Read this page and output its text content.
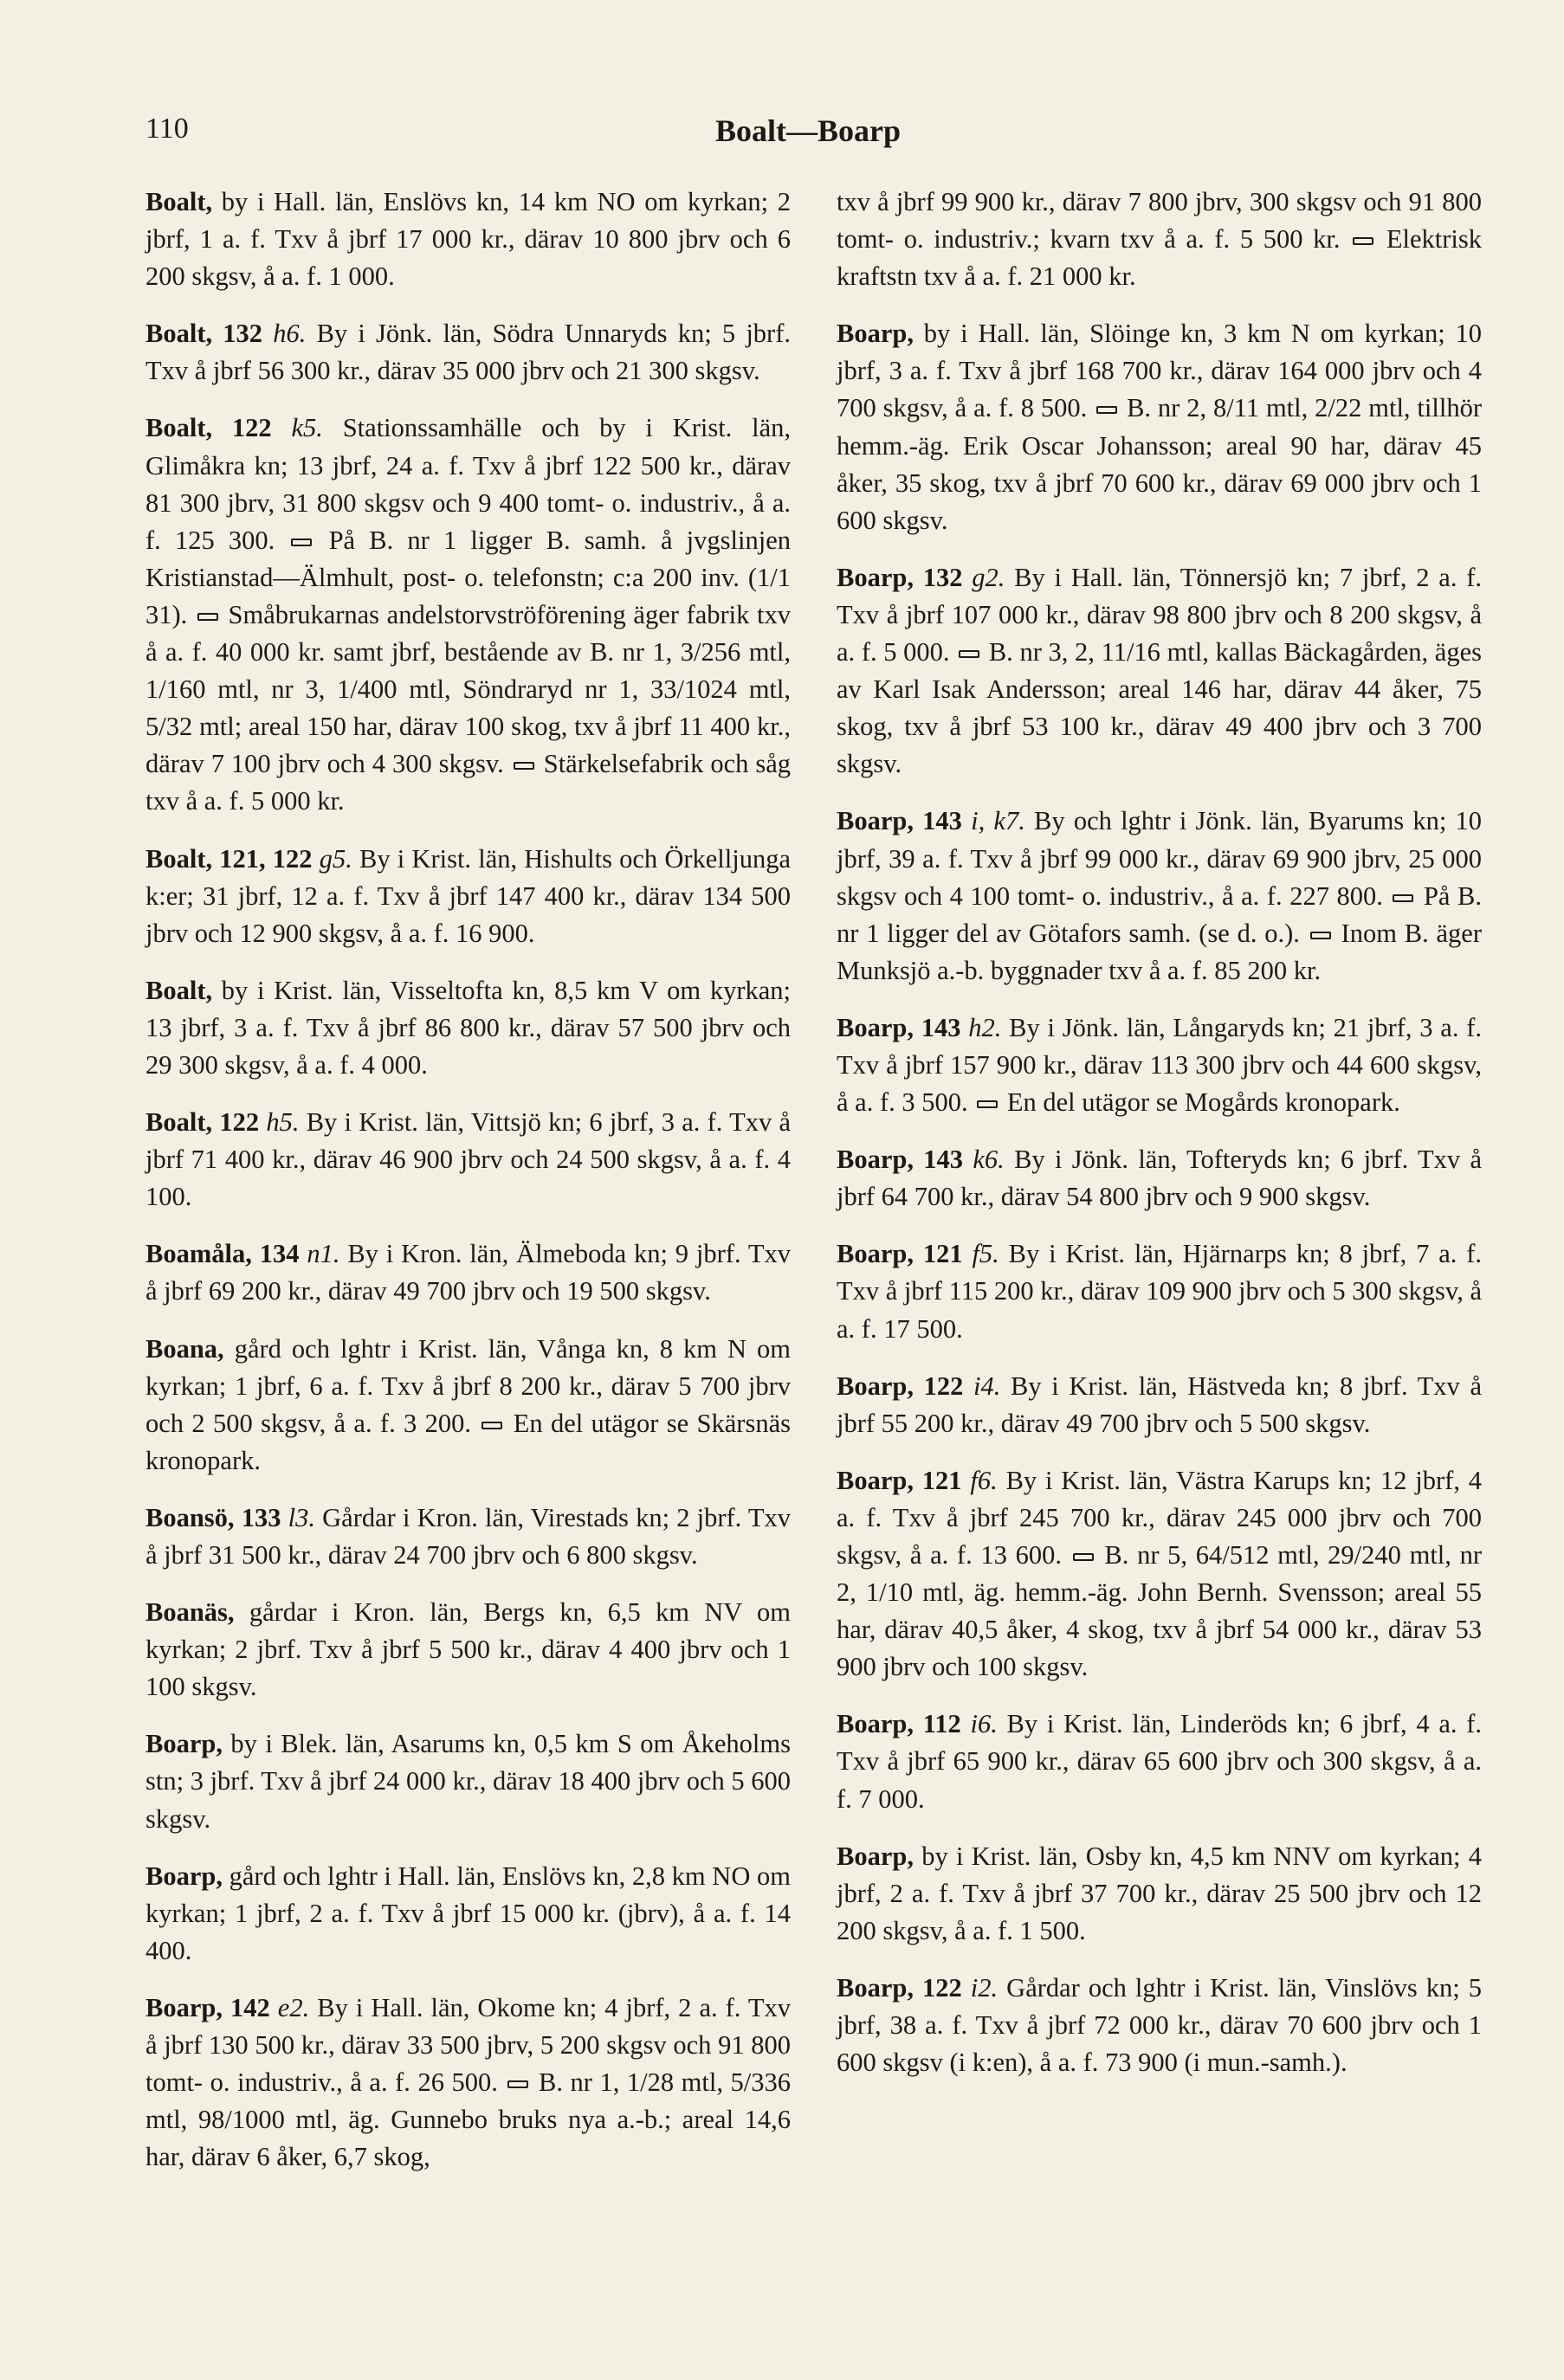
110	Boalt—Boarp

Boalt, by i Hall. län, Enslövs kn, 14 km NO om kyrkan; 2 jbrf, 1 a. f. Txv å jbrf 17 000 kr., därav 10 800 jbrv och 6 200 skgsv, å a. f. 1 000.

Boalt, 132 h6. By i Jönk. län, Södra Unnaryds kn; 5 jbrf. Txv å jbrf 56 300 kr., därav 35 000 jbrv och 21 300 skgsv.

Boalt, 122 k5. Stationssamhälle och by i Krist. län, Glimåkra kn; 13 jbrf, 24 a. f. Txv å jbrf 122 500 kr., därav 81 300 jbrv, 31 800 skgsv och 9 400 tomt- o. industriv., å a. f. 125 300.  På B. nr 1 ligger B. samh. å jvgslinjen Kristianstad—Älmhult, post- o. telefonstn; c:a 200 inv. (1/1 31).  Småbrukarnas andelstorvströförening äger fabrik txv å a. f. 40 000 kr. samt jbrf, bestående av B. nr 1, 3/256 mtl, 1/160 mtl, nr 3, 1/400 mtl, Söndraryd nr 1, 33/1024 mtl, 5/32 mtl; areal 150 har, därav 100 skog, txv å jbrf 11 400 kr., därav 7 100 jbrv och 4 300 skgsv.  Stärkelsefabrik och såg txv å a. f. 5 000 kr.

Boalt, 121, 122 g5. By i Krist. län, Hishults och Örkelljunga k:er; 31 jbrf, 12 a. f. Txv å jbrf 147 400 kr., därav 134 500 jbrv och 12 900 skgsv, å a. f. 16 900.

Boalt, by i Krist. län, Visseltofta kn, 8,5 km V om kyrkan; 13 jbrf, 3 a. f. Txv å jbrf 86 800 kr., därav 57 500 jbrv och 29 300 skgsv, å a. f. 4 000.

Boalt, 122 h5. By i Krist. län, Vittsjö kn; 6 jbrf, 3 a. f. Txv å jbrf 71 400 kr., därav 46 900 jbrv och 24 500 skgsv, å a. f. 4 100.

Boamåla, 134 n1. By i Kron. län, Älmeboda kn; 9 jbrf. Txv å jbrf 69 200 kr., därav 49 700 jbrv och 19 500 skgsv.

Boana, gård och lghtr i Krist. län, Vånga kn, 8 km N om kyrkan; 1 jbrf, 6 a. f. Txv å jbrf 8 200 kr., därav 5 700 jbrv och 2 500 skgsv, å a. f. 3 200.  En del utägor se Skärsnäs kronopark.

Boansö, 133 l3. Gårdar i Kron. län, Virestads kn; 2 jbrf. Txv å jbrf 31 500 kr., därav 24 700 jbrv och 6 800 skgsv.

Boanäs, gårdar i Kron. län, Bergs kn, 6,5 km NV om kyrkan; 2 jbrf. Txv å jbrf 5 500 kr., därav 4 400 jbrv och 1 100 skgsv.

Boarp, by i Blek. län, Asarums kn, 0,5 km S om Åkeholms stn; 3 jbrf. Txv å jbrf 24 000 kr., därav 18 400 jbrv och 5 600 skgsv.

Boarp, gård och lghtr i Hall. län, Enslövs kn, 2,8 km NO om kyrkan; 1 jbrf, 2 a. f. Txv å jbrf 15 000 kr. (jbrv), å a. f. 14 400.

Boarp, 142 e2. By i Hall. län, Okome kn; 4 jbrf, 2 a. f. Txv å jbrf 130 500 kr., därav 33 500 jbrv, 5 200 skgsv och 91 800 tomt- o. industriv., å a. f. 26 500.  B. nr 1, 1/28 mtl, 5/336 mtl, 98/1000 mtl, äg. Gunnebo bruks nya a.-b.; areal 14,6 har, därav 6 åker, 6,7 skog,

txv å jbrf 99 900 kr., därav 7 800 jbrv, 300 skgsv och 91 800 tomt- o. industriv.; kvarn txv å a. f. 5 500 kr.  Elektrisk kraftstn txv å a. f. 21 000 kr.

Boarp, by i Hall. län, Slöinge kn, 3 km N om kyrkan; 10 jbrf, 3 a. f. Txv å jbrf 168 700 kr., därav 164 000 jbrv och 4 700 skgsv, å a. f. 8 500.  B. nr 2, 8/11 mtl, 2/22 mtl, tillhör hemm.-äg. Erik Oscar Johansson; areal 90 har, därav 45 åker, 35 skog, txv å jbrf 70 600 kr., därav 69 000 jbrv och 1 600 skgsv.

Boarp, 132 g2. By i Hall. län, Tönnersjö kn; 7 jbrf, 2 a. f. Txv å jbrf 107 000 kr., därav 98 800 jbrv och 8 200 skgsv, å a. f. 5 000.  B. nr 3, 2, 11/16 mtl, kallas Bäckagården, äges av Karl Isak Andersson; areal 146 har, därav 44 åker, 75 skog, txv å jbrf 53 100 kr., därav 49 400 jbrv och 3 700 skgsv.

Boarp, 143 i, k7. By och lghtr i Jönk. län, Byarums kn; 10 jbrf, 39 a. f. Txv å jbrf 99 000 kr., därav 69 900 jbrv, 25 000 skgsv och 4 100 tomt- o. industriv., å a. f. 227 800.  På B. nr 1 ligger del av Götafors samh. (se d. o.).  Inom B. äger Munksjö a.-b. byggnader txv å a. f. 85 200 kr.

Boarp, 143 h2. By i Jönk. län, Långaryds kn; 21 jbrf, 3 a. f. Txv å jbrf 157 900 kr., därav 113 300 jbrv och 44 600 skgsv, å a. f. 3 500.  En del utägor se Mogårds kronopark.

Boarp, 143 k6. By i Jönk. län, Tofteryds kn; 6 jbrf. Txv å jbrf 64 700 kr., därav 54 800 jbrv och 9 900 skgsv.

Boarp, 121 f5. By i Krist. län, Hjärnarps kn; 8 jbrf, 7 a. f. Txv å jbrf 115 200 kr., därav 109 900 jbrv och 5 300 skgsv, å a. f. 17 500.

Boarp, 122 i4. By i Krist. län, Hästveda kn; 8 jbrf. Txv å jbrf 55 200 kr., därav 49 700 jbrv och 5 500 skgsv.

Boarp, 121 f6. By i Krist. län, Västra Karups kn; 12 jbrf, 4 a. f. Txv å jbrf 245 700 kr., därav 245 000 jbrv och 700 skgsv, å a. f. 13 600.  B. nr 5, 64/512 mtl, 29/240 mtl, nr 2, 1/10 mtl, äg. hemm.-äg. John Bernh. Svensson; areal 55 har, därav 40,5 åker, 4 skog, txv å jbrf 54 000 kr., därav 53 900 jbrv och 100 skgsv.

Boarp, 112 i6. By i Krist. län, Linderöds kn; 6 jbrf, 4 a. f. Txv å jbrf 65 900 kr., därav 65 600 jbrv och 300 skgsv, å a. f. 7 000.

Boarp, by i Krist. län, Osby kn, 4,5 km NNV om kyrkan; 4 jbrf, 2 a. f. Txv å jbrf 37 700 kr., därav 25 500 jbrv och 12 200 skgsv, å a. f. 1 500.

Boarp, 122 i2. Gårdar och lghtr i Krist. län, Vinslövs kn; 5 jbrf, 38 a. f. Txv å jbrf 72 000 kr., därav 70 600 jbrv och 1 600 skgsv (i k:en), å a. f. 73 900 (i mun.-samh.).
